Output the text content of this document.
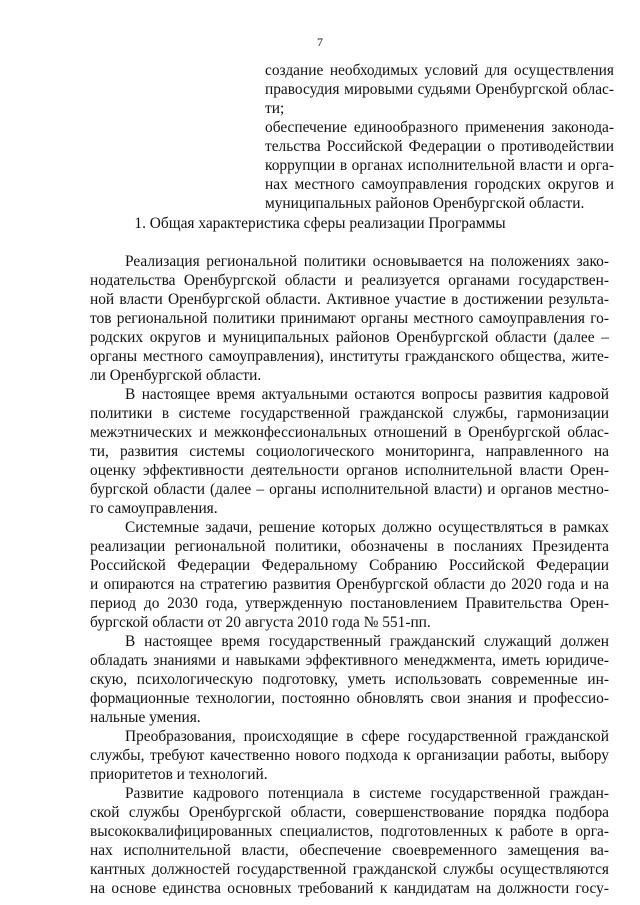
7
создание необходимых условий для осуществления
правосудия мировыми судьями Оренбургской облас-
ти;
обеспечение единообразного применения законода-
тельства Российской Федерации о противодействии
коррупции в органах исполнительной власти и орга-
нах местного самоуправления городских округов и
муниципальных районов Оренбургской области.
1. Общая характеристика сферы реализации Программы
Реализация региональной политики основывается на положениях зако-
нодательства Оренбургской области и реализуется органами государствен-
ной власти Оренбургской области. Активное участие в достижении результа-
тов региональной политики принимают органы местного самоуправления го-
родских округов и муниципальных районов Оренбургской области (далее –
органы местного самоуправления), институты гражданского общества, жите-
ли Оренбургской области.
В настоящее время актуальными остаются вопросы развития кадровой
политики в системе государственной гражданской службы, гармонизации
межэтнических и межконфессиональных отношений в Оренбургской облас-
ти, развития системы социологического мониторинга, направленного на
оценку эффективности деятельности органов исполнительной власти Орен-
бургской области (далее – органы исполнительной власти) и органов местно-
го самоуправления.
Системные задачи, решение которых должно осуществляться в рамках
реализации региональной политики, обозначены в посланиях Президента
Российской Федерации Федеральному Собранию Российской Федерации
и опираются на стратегию развития Оренбургской области до 2020 года и на
период до 2030 года, утвержденную постановлением Правительства Орен-
бургской области от 20 августа 2010 года № 551-пп.
В настоящее время государственный гражданский служащий должен
обладать знаниями и навыками эффективного менеджмента, иметь юридиче-
скую, психологическую подготовку, уметь использовать современные ин-
формационные технологии, постоянно обновлять свои знания и профессио-
нальные умения.
Преобразования, происходящие в сфере государственной гражданской
службы, требуют качественно нового подхода к организации работы, выбору
приоритетов и технологий.
Развитие кадрового потенциала в системе государственной граждан-
ской службы Оренбургской области, совершенствование порядка подбора
высококвалифицированных специалистов, подготовленных к работе в орга-
нах исполнительной власти, обеспечение своевременного замещения ва-
кантных должностей государственной гражданской службы осуществляются
на основе единства основных требований к кандидатам на должности госу-
